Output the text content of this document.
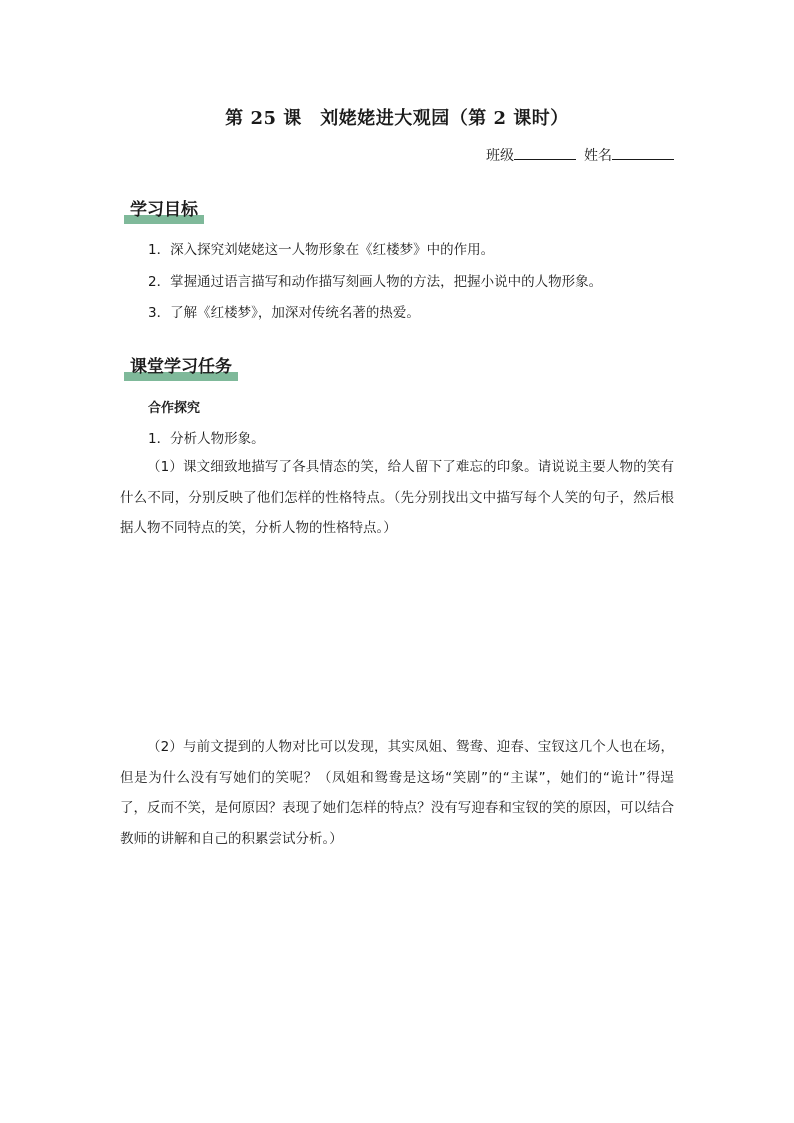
第 25 课　刘姥姥进大观园（第 2 课时）
班级	姓名
学习目标
1．深入探究刘姥姥这一人物形象在《红楼梦》中的作用。
2．掌握通过语言描写和动作描写刻画人物的方法，把握小说中的人物形象。
3．了解《红楼梦》，加深对传统名著的热爱。
课堂学习任务
合作探究
1．分析人物形象。
（1）课文细致地描写了各具情态的笑，给人留下了难忘的印象。请说说主要人物的笑有什么不同，分别反映了他们怎样的性格特点。（先分别找出文中描写每个人笑的句子，然后根据人物不同特点的笑，分析人物的性格特点。）
（2）与前文提到的人物对比可以发现，其实凤姐、鸳鸯、迎春、宝钗这几个人也在场，但是为什么没有写她们的笑呢？（凤姐和鸳鸯是这场“笑剧”的“主谋”，她们的“诡计”得逞了，反而不笑，是何原因？表现了她们怎样的特点？没有写迎春和宝钗的笑的原因，可以结合教师的讲解和自己的积累尝试分析。）
